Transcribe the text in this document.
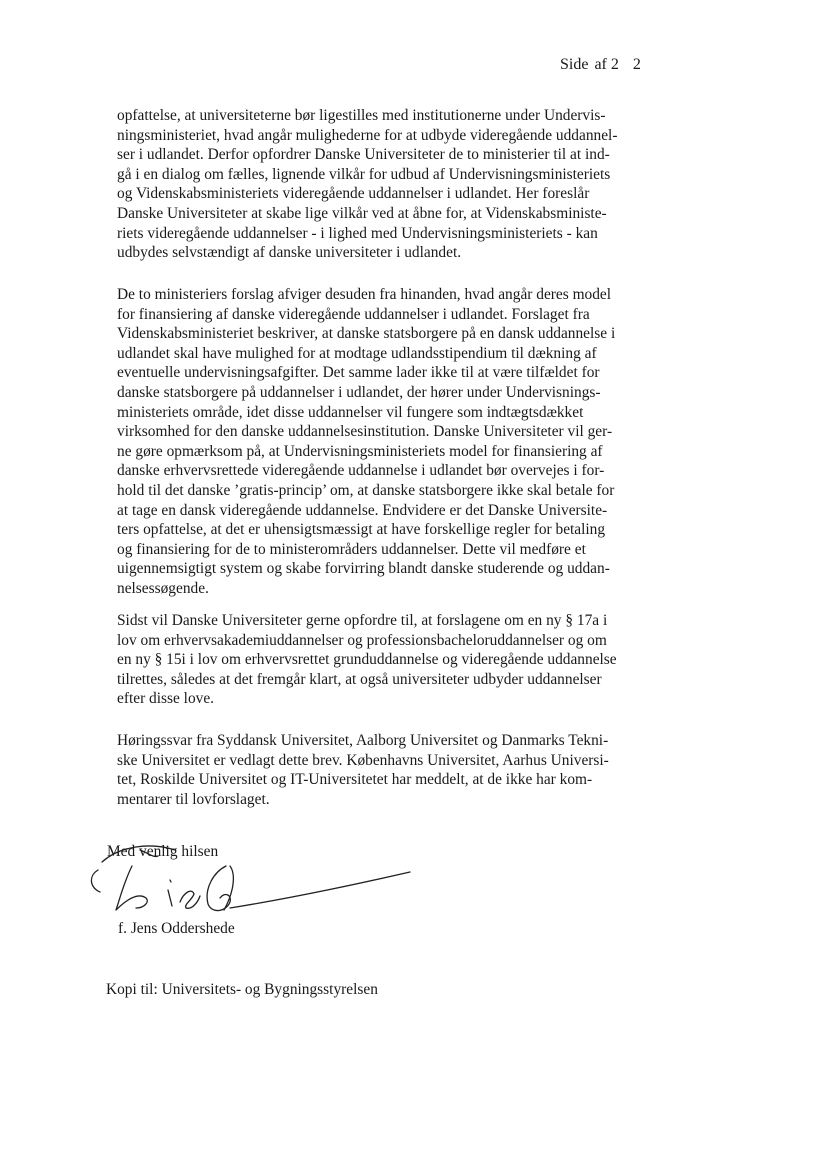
Side af 2 2
opfattelse, at universiteterne bør ligestilles med institutionerne under Undervis-
ningsministeriet, hvad angår mulighederne for at udbyde videregående uddannel-
ser i udlandet. Derfor opfordrer Danske Universiteter de to ministerier til at ind-
gå i en dialog om fælles, lignende vilkår for udbud af Undervisningsministeriets
og Videnskabsministeriets videregående uddannelser i udlandet. Her foreslår
Danske Universiteter at skabe lige vilkår ved at åbne for, at Videnskabsministe-
riets videregående uddannelser - i lighed med Undervisningsministeriets - kan
udbydes selvstændigt af danske universiteter i udlandet.
De to ministeriers forslag afviger desuden fra hinanden, hvad angår deres model
for finansiering af danske videregående uddannelser i udlandet. Forslaget fra
Videnskabsministeriet beskriver, at danske statsborgere på en dansk uddannelse i
udlandet skal have mulighed for at modtage udlandsstipendium til dækning af
eventuelle undervisningsafgifter. Det samme lader ikke til at være tilfældet for
danske statsborgere på uddannelser i udlandet, der hører under Undervisnings-
ministeriets område, idet disse uddannelser vil fungere som indtægtsdækket
virksomhed for den danske uddannelsesinstitution. Danske Universiteter vil ger-
ne gøre opmærksom på, at Undervisningsministeriets model for finansiering af
danske erhvervsrettede videregående uddannelse i udlandet bør overvejes i for-
hold til det danske ’gratis-princip’ om, at danske statsborgere ikke skal betale for
at tage en dansk videregående uddannelse. Endvidere er det Danske Universite-
ters opfattelse, at det er uhensigtsmæssigt at have forskellige regler for betaling
og finansiering for de to ministerområders uddannelser. Dette vil medføre et
uigennemsigtigt system og skabe forvirring blandt danske studerende og uddan-
nelsessøgende.
Sidst vil Danske Universiteter gerne opfordre til, at forslagene om en ny § 17a i
lov om erhvervsakademiuddannelser og professionsbacheloruddannelser og om
en ny § 15i i lov om erhvervsrettet grunduddannelse og videregående uddannelse
tilrettes, således at det fremgår klart, at også universiteter udbyder uddannelser
efter disse love.
Høringssvar fra Syddansk Universitet, Aalborg Universitet og Danmarks Tekni-
ske Universitet er vedlagt dette brev. Københavns Universitet, Aarhus Universi-
tet, Roskilde Universitet og IT-Universitetet har meddelt, at de ikke har kom-
mentarer til lovforslaget.
Med venlig hilsen
f. Jens Oddershede
Kopi til: Universitets- og Bygningsstyrelsen
